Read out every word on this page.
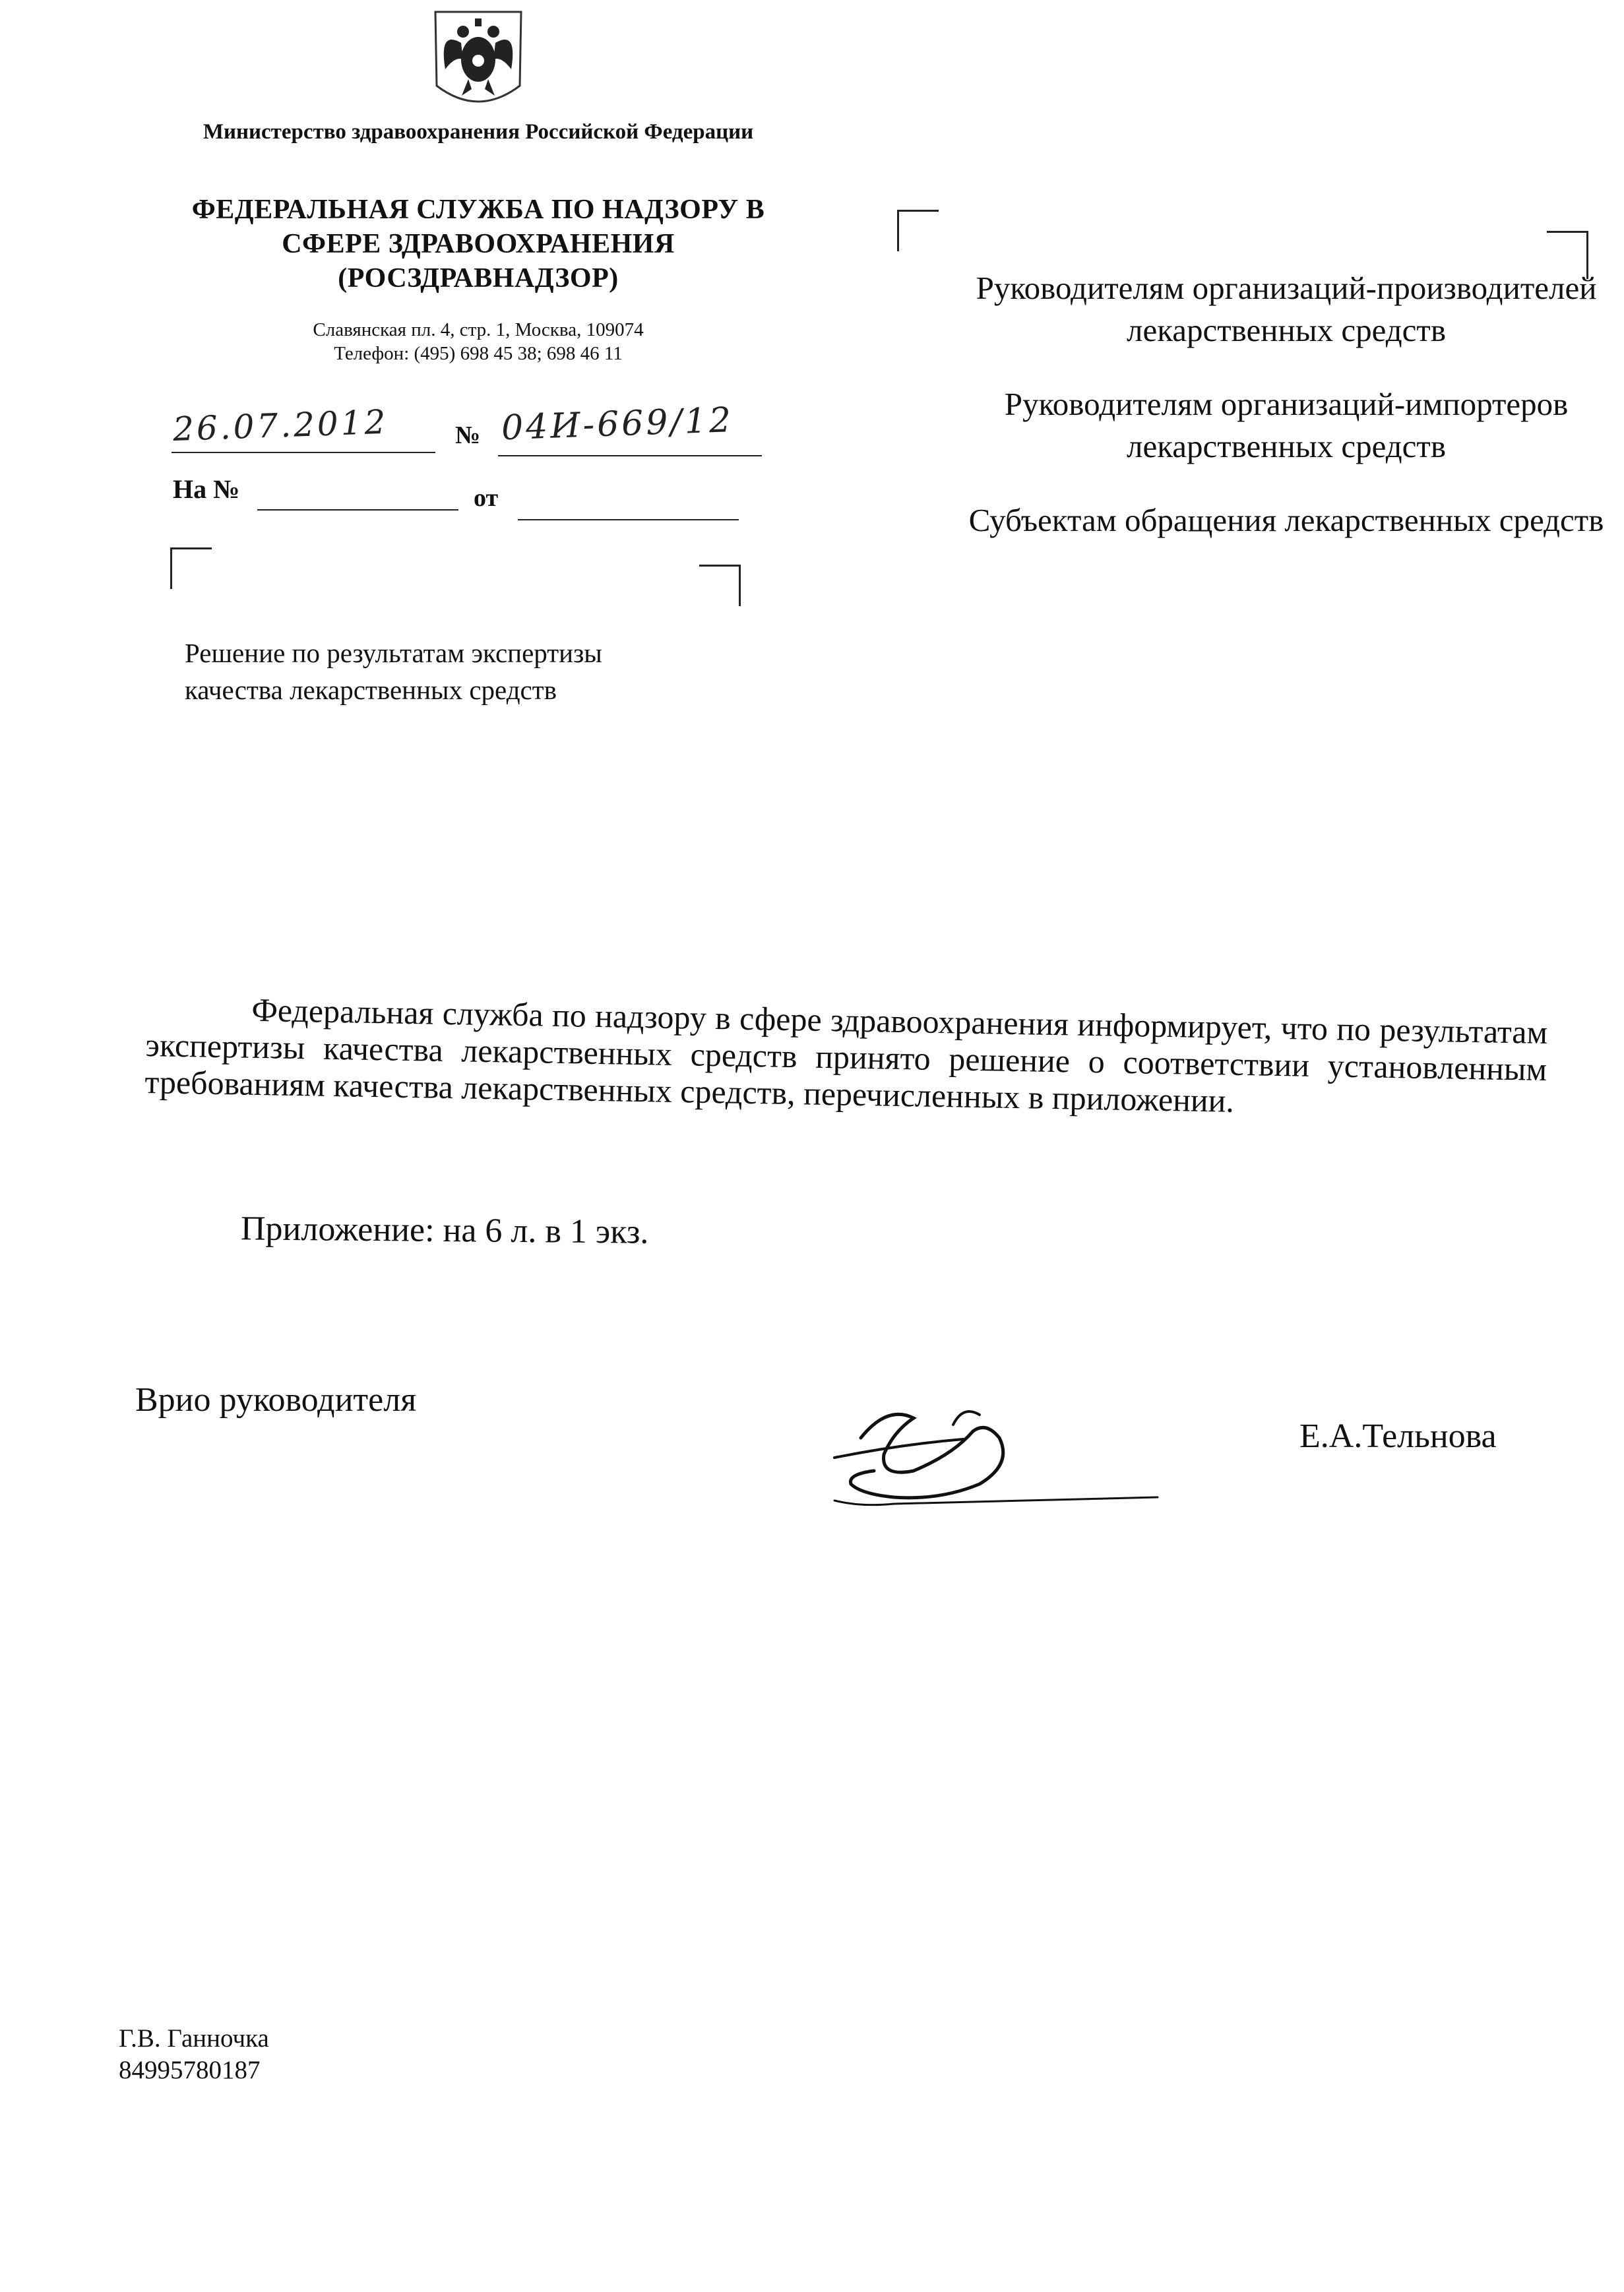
Министерство здравоохранения Российской Федерации
ФЕДЕРАЛЬНАЯ СЛУЖБА ПО НАДЗОРУ В СФЕРЕ ЗДРАВООХРАНЕНИЯ (РОСЗДРАВНАДЗОР)
Славянская пл. 4, стр. 1, Москва, 109074
Телефон: (495) 698 45 38; 698 46 11
26.07.2012	№ 04И-669/12
На №	от
Решение по результатам экспертизы качества лекарственных средств
Руководителям организаций-производителей лекарственных средств
Руководителям организаций-импортеров лекарственных средств
Субъектам обращения лекарственных средств

Федеральная служба по надзору в сфере здравоохранения информирует, что по результатам экспертизы качества лекарственных средств принято решение о соответствии установленным требованиям качества лекарственных средств, перечисленных в приложении.

Приложение: на 6 л. в 1 экз.
Врио руководителя
Е.А.Тельнова
Г.В. Ганночка
84995780187
